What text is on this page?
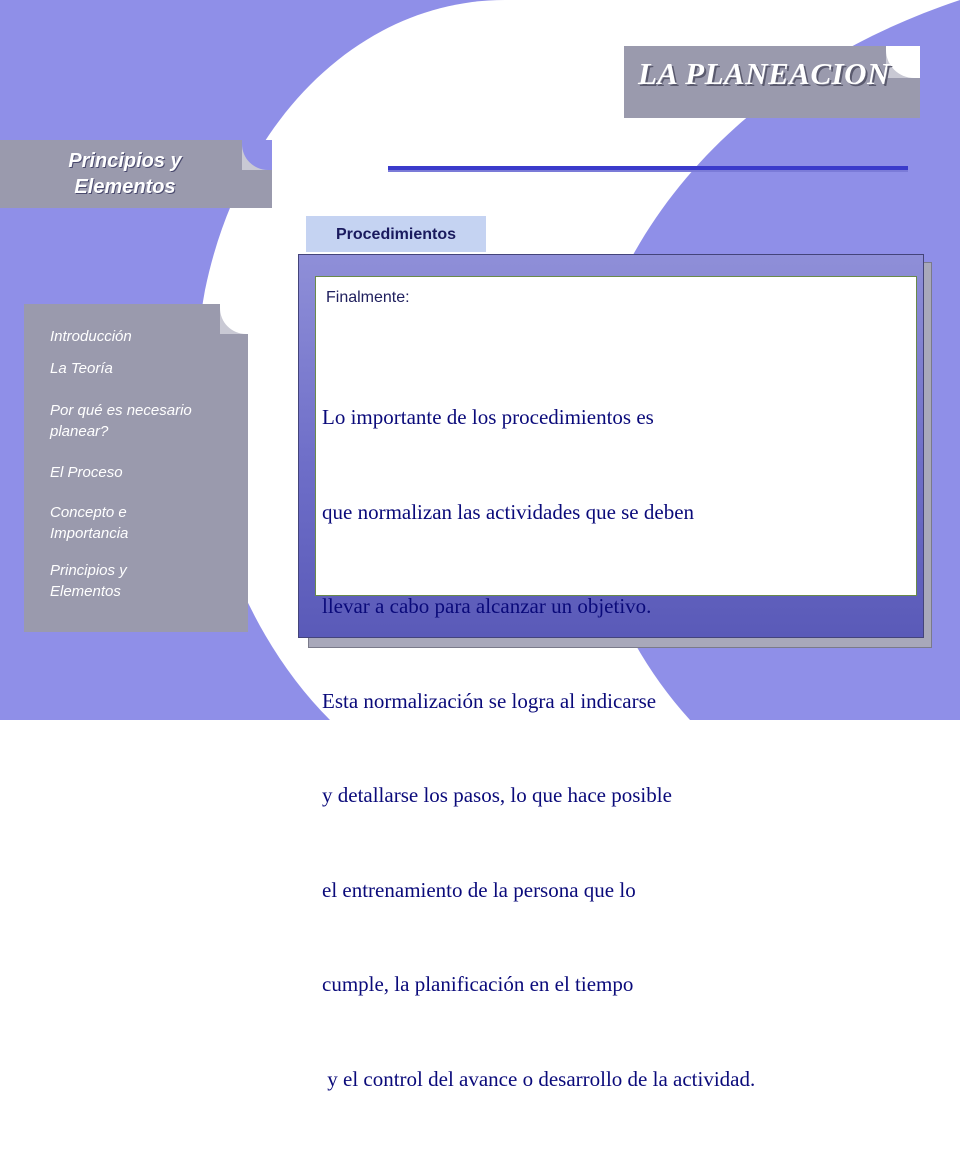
LA PLANEACION
Principios y
Elementos
Introducción
La Teoría
Por qué es necesario
planear?
El Proceso
Concepto e
Importancia
Principios y
Elementos
Procedimientos
Finalmente:

Lo importante de los procedimientos es

que normalizan las actividades que se deben

llevar a cabo para alcanzar un objetivo.

Esta normalización se logra al indicarse

y detallarse los pasos, lo que hace posible

el entrenamiento de la persona que lo

cumple, la planificación en el tiempo

y el control del avance o desarrollo de la actividad.
